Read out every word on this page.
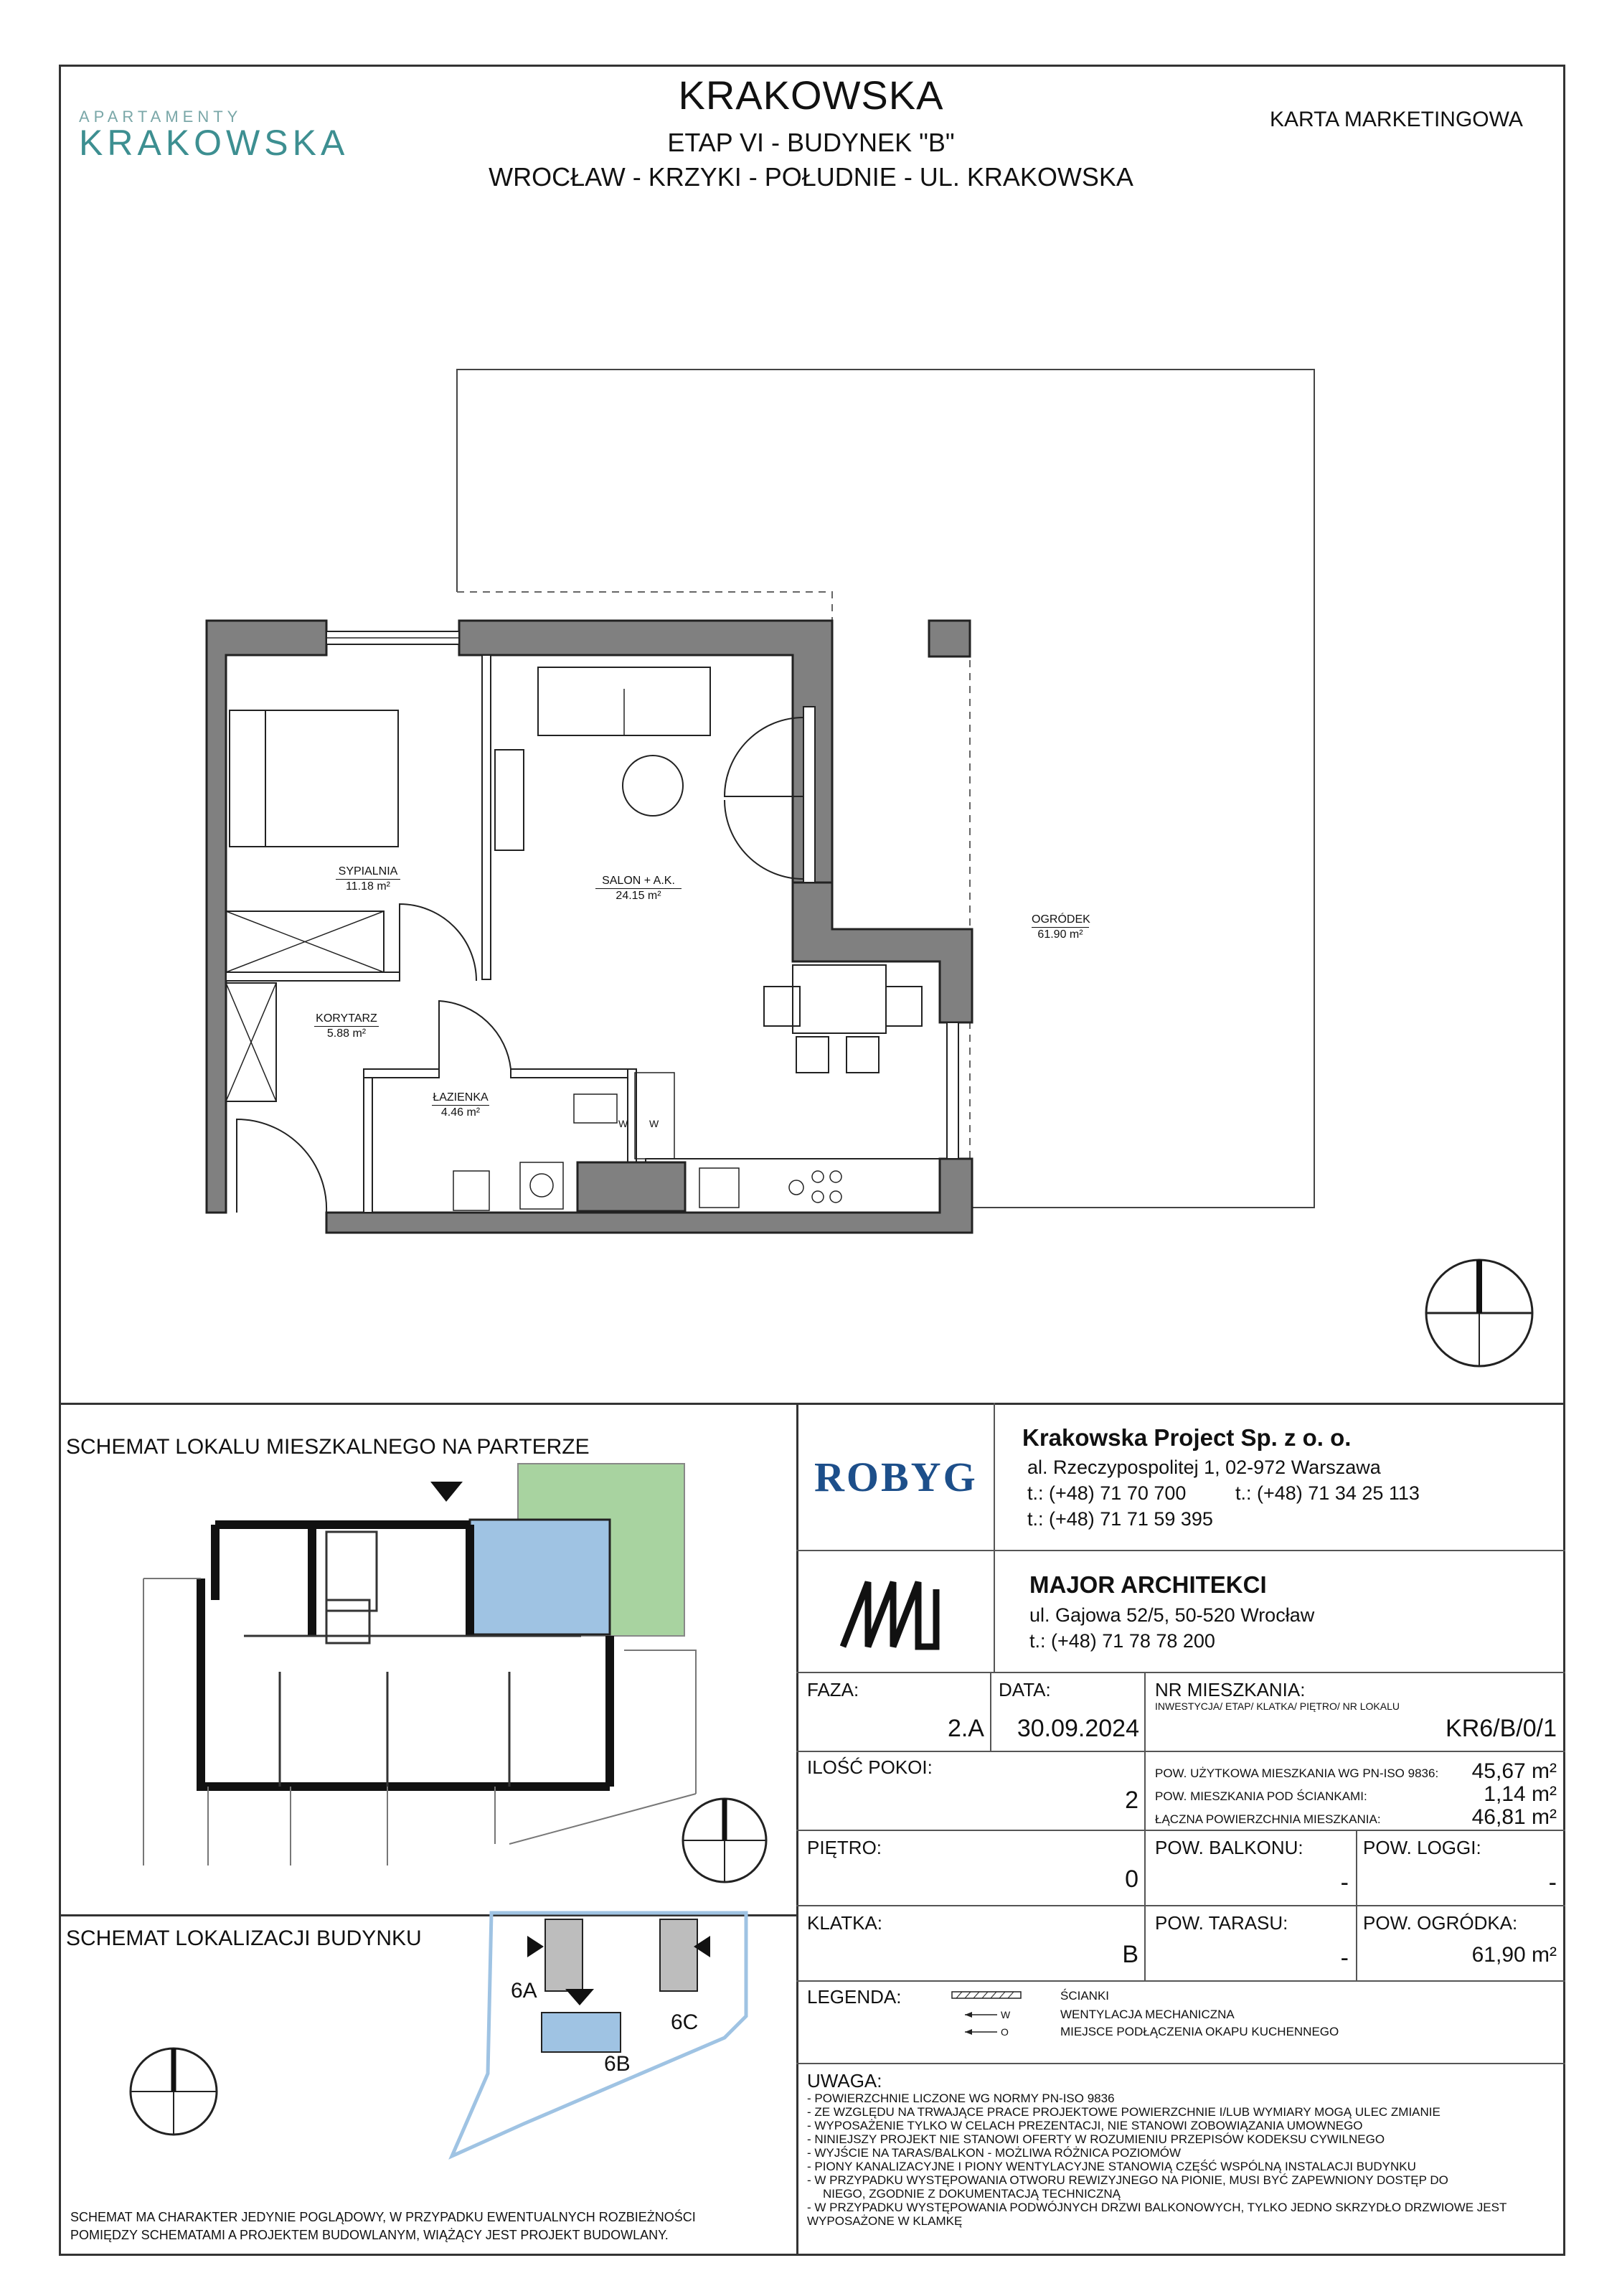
APARTAMENTY
KRAKOWSKA
KRAKOWSKA
ETAP VI - BUDYNEK "B"
WROCŁAW - KRZYKI - POŁUDNIE - UL. KRAKOWSKA
KARTA MARKETINGOWA
SYPIALNIA
11.18 m²	SALON + A.K.
24.15 m²
KORYTARZ
5.88 m²
ŁAZIENKA
4.46 m²
OGRÓDEK
61.90 m²
W W
SCHEMAT LOKALU MIESZKALNEGO NA PARTERZE
SCHEMAT LOKALIZACJI BUDYNKU
6A
6B
6C
SCHEMAT MA CHARAKTER JEDYNIE POGLĄDOWY, W PRZYPADKU EWENTUALNYCH ROZBIEŻNOŚCI
POMIĘDZY SCHEMATAMI A PROJEKTEM BUDOWLANYM, WIĄŻĄCY JEST PROJEKT BUDOWLANY.
ROBYG
Krakowska Project Sp. z o. o.
al. Rzeczypospolitej 1, 02-972 Warszawa
t.: (+48) 71 70 700	t.: (+48) 71 34 25 113
t.: (+48) 71 71 59 395
MAJOR ARCHITEKCI
ul. Gajowa 52/5, 50-520 Wrocław
t.: (+48) 71 78 78 200
FAZA:
2.A
DATA:
30.09.2024
NR MIESZKANIA:
INWESTYCJA/ ETAP/ KLATKA/ PIĘTRO/ NR LOKALU
KR6/B/0/1
ILOŚĆ POKOI:
2
POW. UŻYTKOWA MIESZKANIA WG PN-ISO 9836:	45,67 m²
POW. MIESZKANIA POD ŚCIANKAMI:	1,14 m²
ŁĄCZNA POWIERZCHNIA MIESZKANIA:	46,81 m²
PIĘTRO:
0
POW. BALKONU:
-
POW. LOGGI:
-
KLATKA:
B
POW. TARASU:
-
POW. OGRÓDKA:
61,90 m²
LEGENDA:
W
O
ŚCIANKI
WENTYLACJA MECHANICZNA
MIEJSCE PODŁĄCZENIA OKAPU KUCHENNEGO
UWAGA:
- POWIERZCHNIE LICZONE WG NORMY PN-ISO 9836
- ZE WZGLĘDU NA TRWAJĄCE PRACE PROJEKTOWE POWIERZCHNIE I/LUB WYMIARY MOGĄ ULEC ZMIANIE
- WYPOSAŻENIE TYLKO W CELACH PREZENTACJI, NIE STANOWI ZOBOWIĄZANIA UMOWNEGO
- NINIEJSZY PROJEKT NIE STANOWI OFERTY W ROZUMIENIU PRZEPISÓW KODEKSU CYWILNEGO
- WYJŚCIE NA TARAS/BALKON - MOŻLIWA RÓŻNICA POZIOMÓW
- PIONY KANALIZACYJNE I PIONY WENTYLACYJNE STANOWIĄ CZĘŚĆ WSPÓLNĄ INSTALACJI BUDYNKU
- W PRZYPADKU WYSTĘPOWANIA OTWORU REWIZYJNEGO NA PIONIE, MUSI BYĆ ZAPEWNIONY DOSTĘP DO
NIEGO, ZGODNIE Z DOKUMENTACJĄ TECHNICZNĄ
- W PRZYPADKU WYSTĘPOWANIA PODWÓJNYCH DRZWI BALKONOWYCH, TYLKO JEDNO SKRZYDŁO DRZWIOWE JEST
WYPOSAŻONE W KLAMKĘ
